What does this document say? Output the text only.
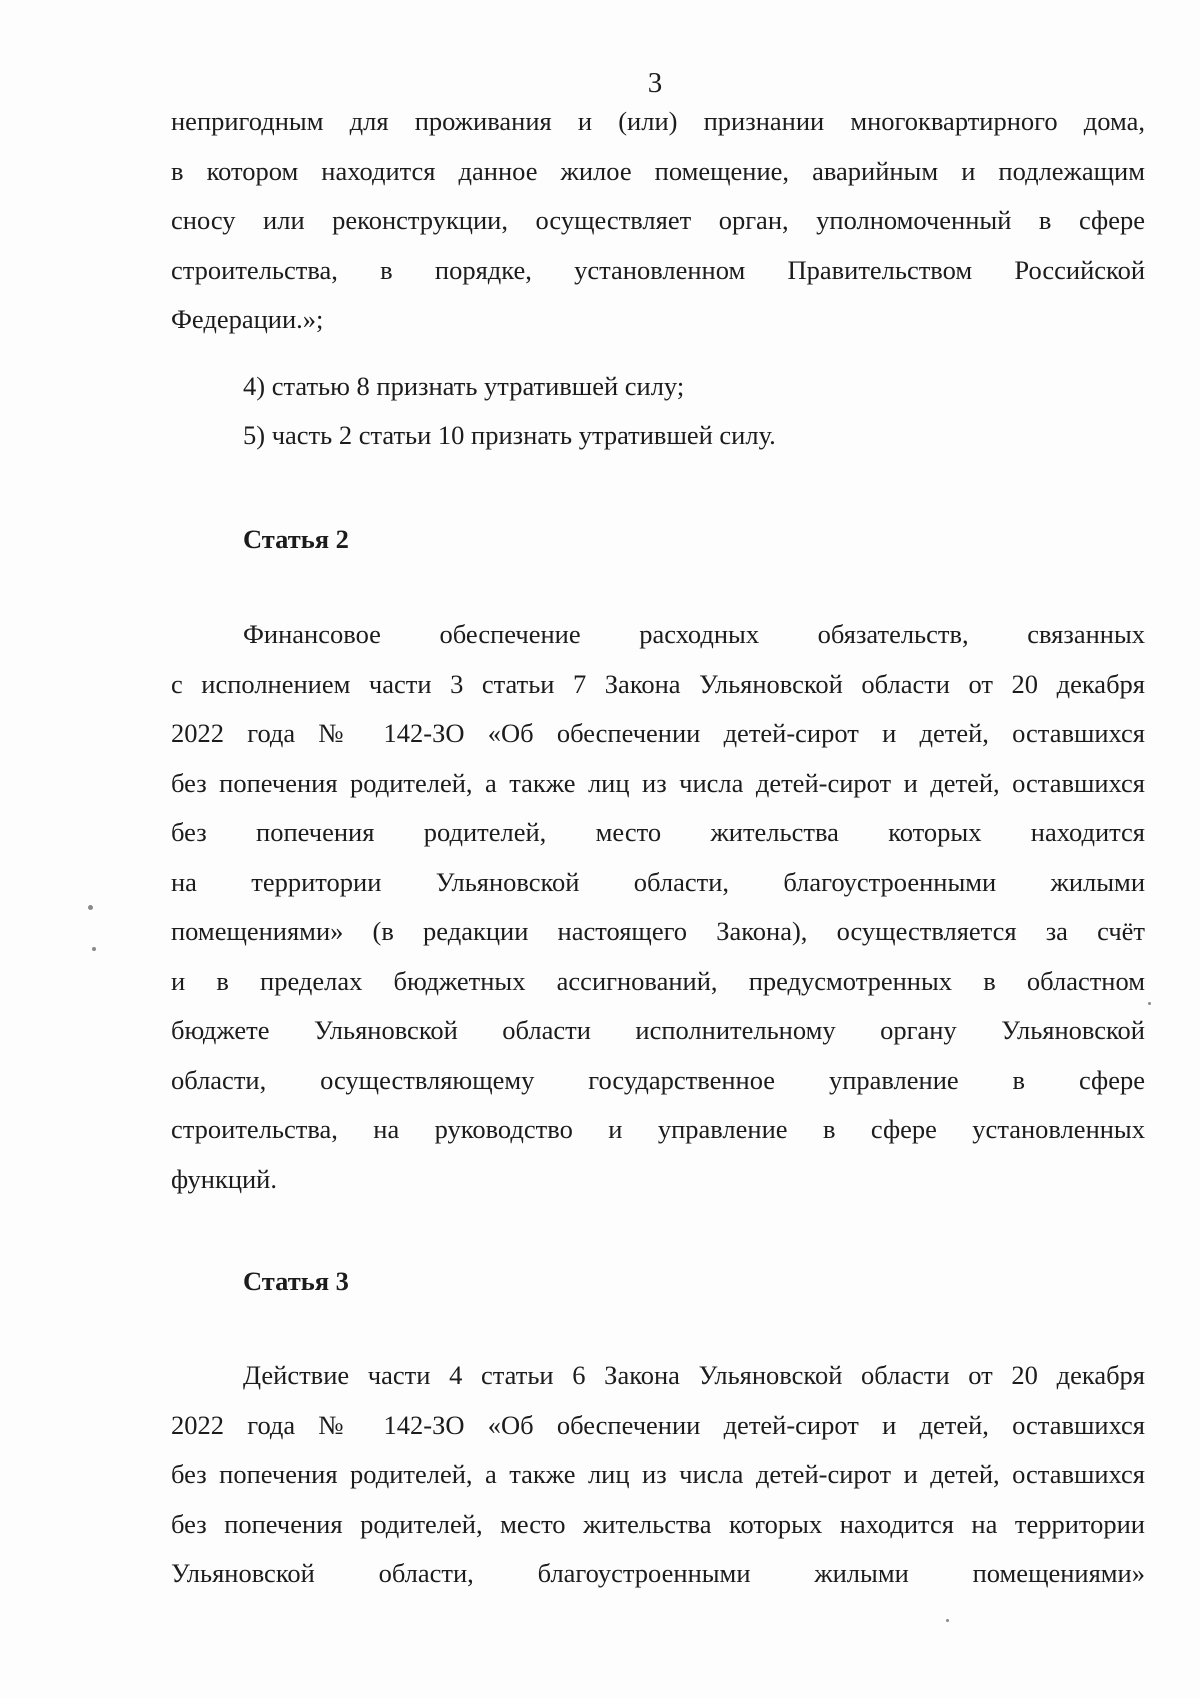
3
непригодным для проживания и (или) признании многоквартирного дома,
в котором находится данное жилое помещение, аварийным и подлежащим
сносу или реконструкции, осуществляет орган, уполномоченный в сфере
строительства, в порядке, установленном Правительством Российской
Федерации.»;
4) статью 8 признать утратившей силу;
5) часть 2 статьи 10 признать утратившей силу.
Статья 2
Финансовое обеспечение расходных обязательств, связанных
с исполнением части 3 статьи 7 Закона Ульяновской области от 20 декабря
2022 года № 142-ЗО «Об обеспечении детей-сирот и детей, оставшихся
без попечения родителей, а также лиц из числа детей-сирот и детей, оставшихся
без попечения родителей, место жительства которых находится
на территории Ульяновской области, благоустроенными жилыми
помещениями» (в редакции настоящего Закона), осуществляется за счёт
и в пределах бюджетных ассигнований, предусмотренных в областном
бюджете Ульяновской области исполнительному органу Ульяновской
области, осуществляющему государственное управление в сфере
строительства, на руководство и управление в сфере установленных
функций.
Статья 3
Действие части 4 статьи 6 Закона Ульяновской области от 20 декабря
2022 года № 142-ЗО «Об обеспечении детей-сирот и детей, оставшихся
без попечения родителей, а также лиц из числа детей-сирот и детей, оставшихся
без попечения родителей, место жительства которых находится на территории
Ульяновской области, благоустроенными жилыми помещениями»
